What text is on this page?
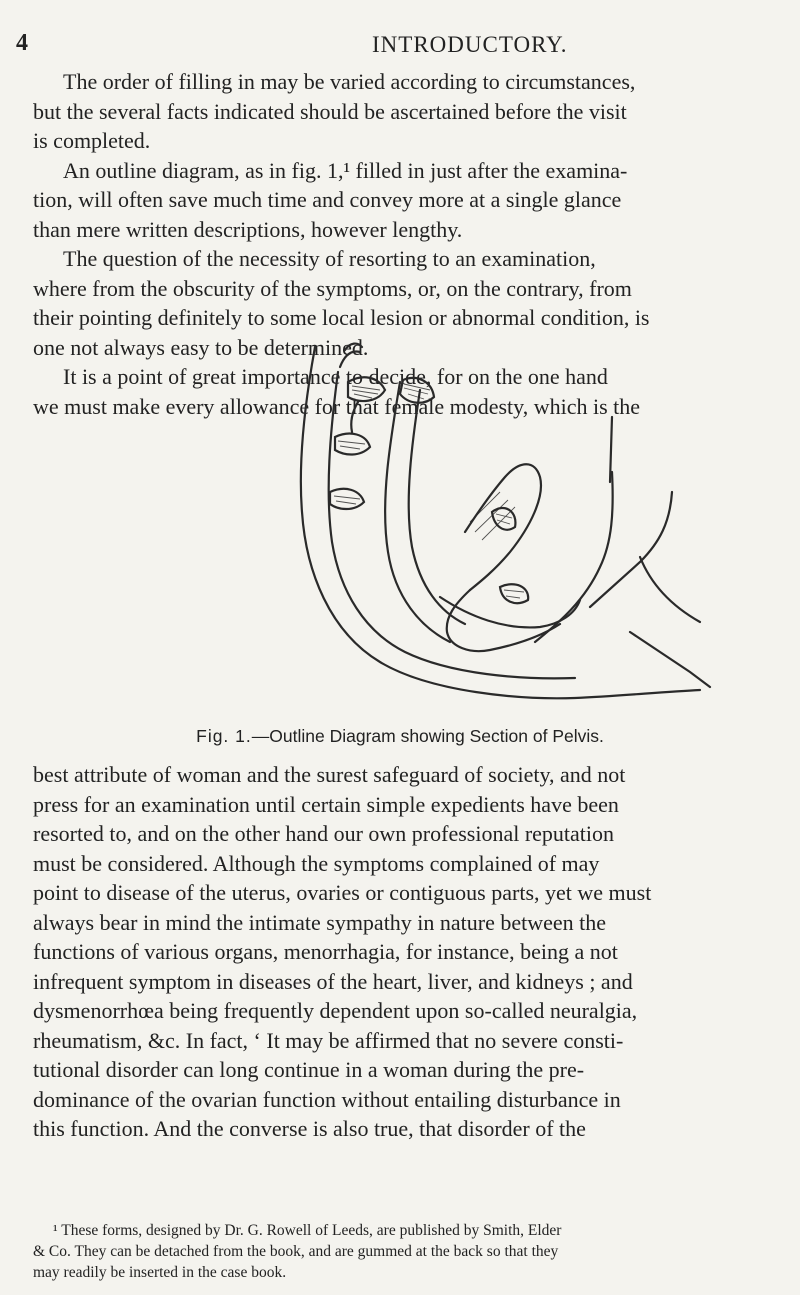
4	INTRODUCTORY.
The order of filling in may be varied according to circumstances,
but the several facts indicated should be ascertained before the visit
is completed.
An outline diagram, as in fig. 1,¹ filled in just after the examina-
tion, will often save much time and convey more at a single glance
than mere written descriptions, however lengthy.
The question of the necessity of resorting to an examination,
where from the obscurity of the symptoms, or, on the contrary, from
their pointing definitely to some local lesion or abnormal condition, is
one not always easy to be determined.
It is a point of great importance to decide, for on the one hand
we must make every allowance for that female modesty, which is the
Fig. 1.—Outline Diagram showing Section of Pelvis.
best attribute of woman and the surest safeguard of society, and not
press for an examination until certain simple expedients have been
resorted to, and on the other hand our own professional reputation
must be considered. Although the symptoms complained of may
point to disease of the uterus, ovaries or contiguous parts, yet we must
always bear in mind the intimate sympathy in nature between the
functions of various organs, menorrhagia, for instance, being a not
infrequent symptom in diseases of the heart, liver, and kidneys ; and
dysmenorrhœa being frequently dependent upon so-called neuralgia,
rheumatism, &c. In fact, ‘ It may be affirmed that no severe consti-
tutional disorder can long continue in a woman during the pre-
dominance of the ovarian function without entailing disturbance in
this function. And the converse is also true, that disorder of the
¹ These forms, designed by Dr. G. Rowell of Leeds, are published by Smith, Elder
& Co. They can be detached from the book, and are gummed at the back so that they
may readily be inserted in the case book.
